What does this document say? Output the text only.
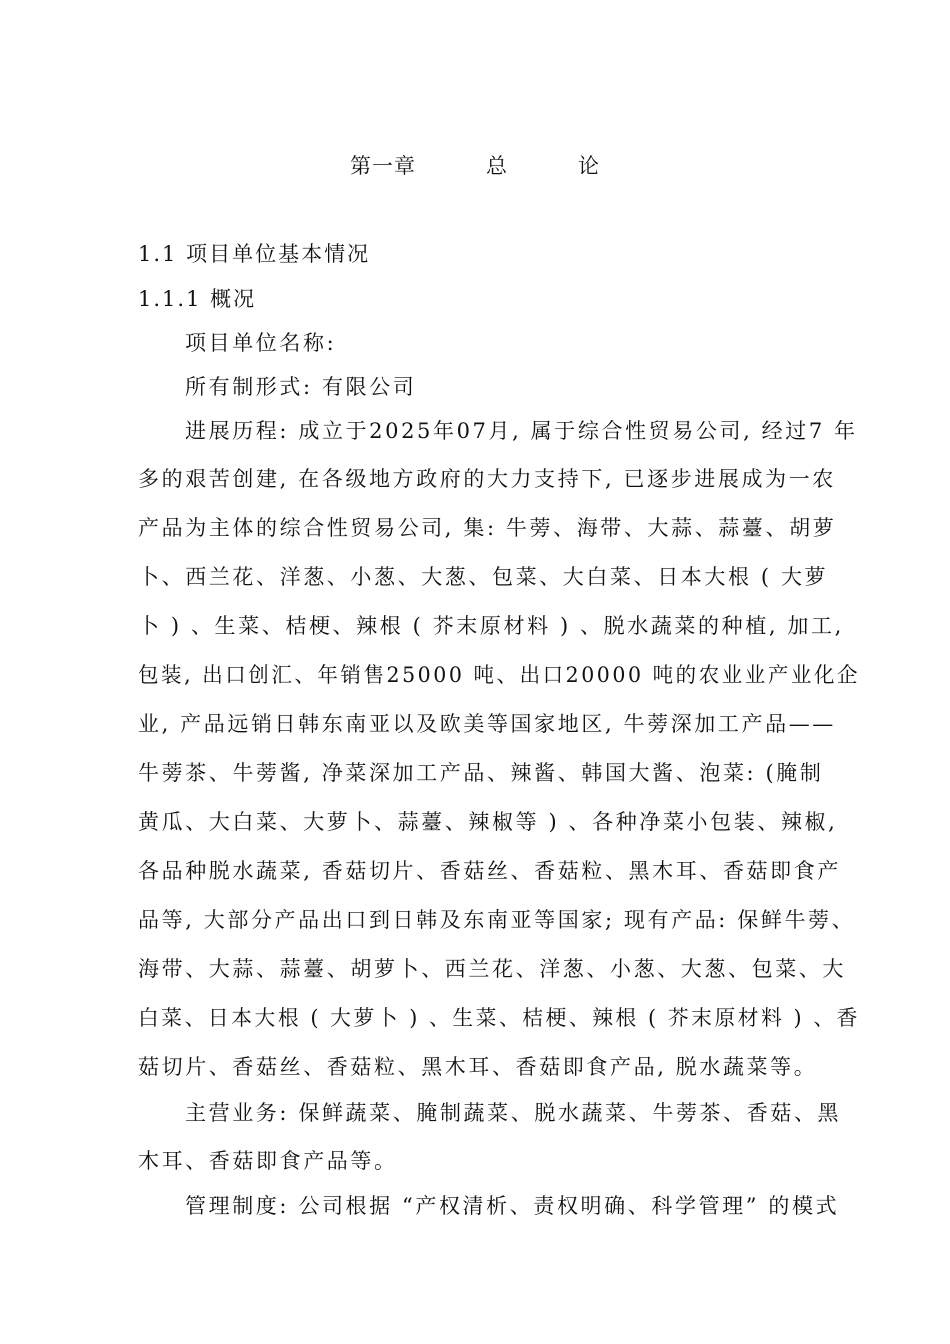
第一章	总	论
1.1 项目单位基本情况
1.1.1 概况
项目单位名称:
所有制形式: 有限公司
进展历程: 成立于2025年07月, 属于综合性贸易公司, 经过7 年
多的艰苦创建, 在各级地方政府的大力支持下, 已逐步进展成为一农
产品为主体的综合性贸易公司, 集: 牛蒡、海带、大蒜、蒜薹、胡萝
卜、西兰花、洋葱、小葱、大葱、包菜、大白菜、日本大根 ( 大萝
卜 ) 、生菜、桔梗、辣根 ( 芥末原材料 ) 、脱水蔬菜的种植, 加工,
包装, 出口创汇、年销售25000 吨、出口20000 吨的农业业产业化企
业, 产品远销日韩东南亚以及欧美等国家地区, 牛蒡深加工产品——
牛蒡茶、牛蒡酱, 净菜深加工产品、辣酱、韩国大酱、泡菜: (腌制
黄瓜、大白菜、大萝卜、蒜薹、辣椒等 ) 、各种净菜小包装、辣椒,
各品种脱水蔬菜, 香菇切片、香菇丝、香菇粒、黑木耳、香菇即食产
品等, 大部分产品出口到日韩及东南亚等国家; 现有产品: 保鲜牛蒡、
海带、大蒜、蒜薹、胡萝卜、西兰花、洋葱、小葱、大葱、包菜、大
白菜、日本大根 ( 大萝卜 ) 、生菜、桔梗、辣根 ( 芥末原材料 ) 、香
菇切片、香菇丝、香菇粒、黑木耳、香菇即食产品, 脱水蔬菜等。
主营业务: 保鲜蔬菜、腌制蔬菜、脱水蔬菜、牛蒡茶、香菇、黑
木耳、香菇即食产品等。
管理制度: 公司根据 “产权清析、责权明确、科学管理” 的模式
